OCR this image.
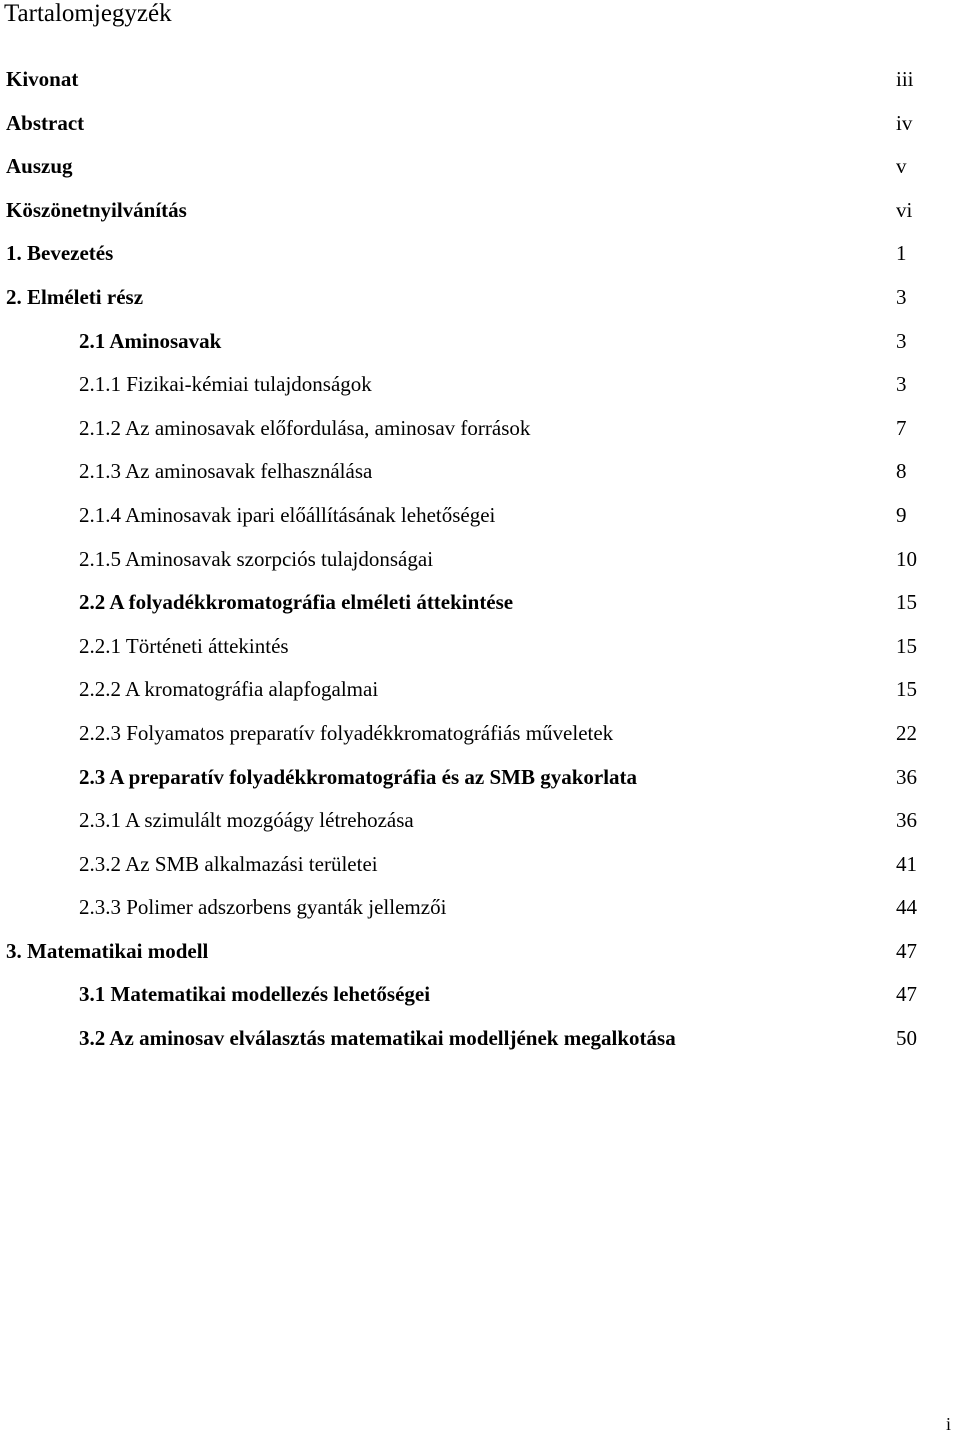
Tartalomjegyzék
Kivonat	iii
Abstract	iv
Auszug	v
Köszönetnyilvánítás	vi
1. Bevezetés	1
2. Elméleti rész	3
2.1 Aminosavak	3
2.1.1 Fizikai-kémiai tulajdonságok	3
2.1.2 Az aminosavak előfordulása, aminosav források	7
2.1.3 Az aminosavak felhasználása	8
2.1.4 Aminosavak ipari előállításának lehetőségei	9
2.1.5 Aminosavak szorpciós tulajdonságai	10
2.2 A folyadékkromatográfia elméleti áttekintése	15
2.2.1 Történeti áttekintés	15
2.2.2 A kromatográfia alapfogalmai	15
2.2.3 Folyamatos preparatív folyadékkromatográfiás műveletek	22
2.3 A preparatív folyadékkromatográfia és az SMB gyakorlata	36
2.3.1 A szimulált mozgóágy létrehozása	36
2.3.2 Az SMB alkalmazási területei	41
2.3.3 Polimer adszorbens gyanták jellemzői	44
3. Matematikai modell	47
3.1 Matematikai modellezés lehetőségei	47
3.2 Az aminosav elválasztás matematikai modelljének megalkotása	50
i
